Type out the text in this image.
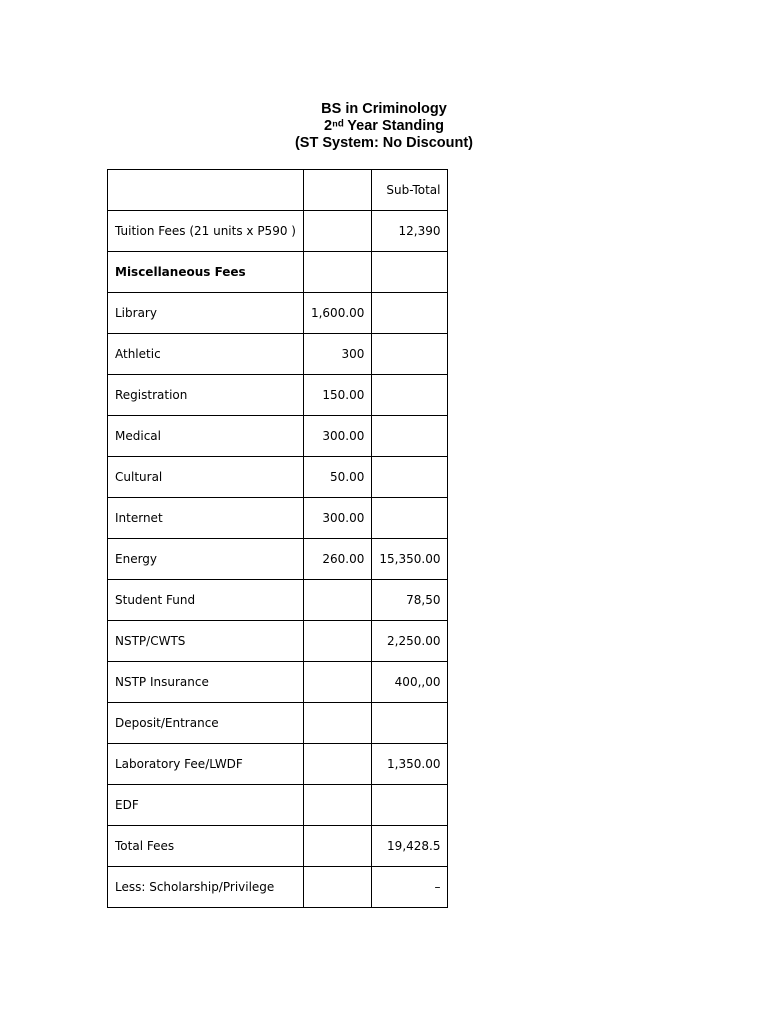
BS in Criminology
2ⁿᵈ Year Standing
(ST System: No Discount)
		Sub-Total
Tuition Fees (21 units x P590 )		12,390
Miscellaneous Fees		
Library	1,600.00	
Athletic	300	
Registration	150.00	
Medical	300.00	
Cultural	50.00	
Internet	300.00	
Energy	260.00	15,350.00
Student Fund		78,50
NSTP/CWTS		2,250.00
NSTP Insurance		400,,00
Deposit/Entrance		
Laboratory Fee/LWDF		1,350.00
EDF		
Total Fees		19,428.5
Less: Scholarship/Privilege		–
